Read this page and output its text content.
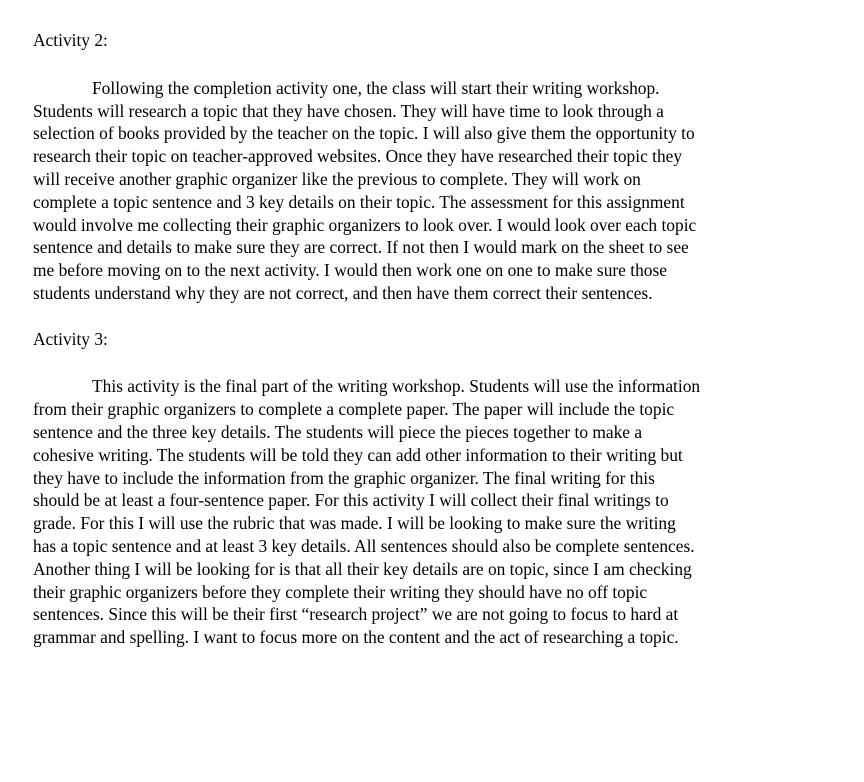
Activity 2:
Following the completion activity one, the class will start their writing workshop.
Students will research a topic that they have chosen. They will have time to look through a
selection of books provided by the teacher on the topic. I will also give them the opportunity to
research their topic on teacher-approved websites. Once they have researched their topic they
will receive another graphic organizer like the previous to complete. They will work on
complete a topic sentence and 3 key details on their topic. The assessment for this assignment
would involve me collecting their graphic organizers to look over. I would look over each topic
sentence and details to make sure they are correct. If not then I would mark on the sheet to see
me before moving on to the next activity. I would then work one on one to make sure those
students understand why they are not correct, and then have them correct their sentences.
Activity 3:
This activity is the final part of the writing workshop. Students will use the information
from their graphic organizers to complete a complete paper. The paper will include the topic
sentence and the three key details. The students will piece the pieces together to make a
cohesive writing. The students will be told they can add other information to their writing but
they have to include the information from the graphic organizer. The final writing for this
should be at least a four-sentence paper. For this activity I will collect their final writings to
grade. For this I will use the rubric that was made. I will be looking to make sure the writing
has a topic sentence and at least 3 key details. All sentences should also be complete sentences.
Another thing I will be looking for is that all their key details are on topic, since I am checking
their graphic organizers before they complete their writing they should have no off topic
sentences. Since this will be their first “research project” we are not going to focus to hard at
grammar and spelling. I want to focus more on the content and the act of researching a topic.
